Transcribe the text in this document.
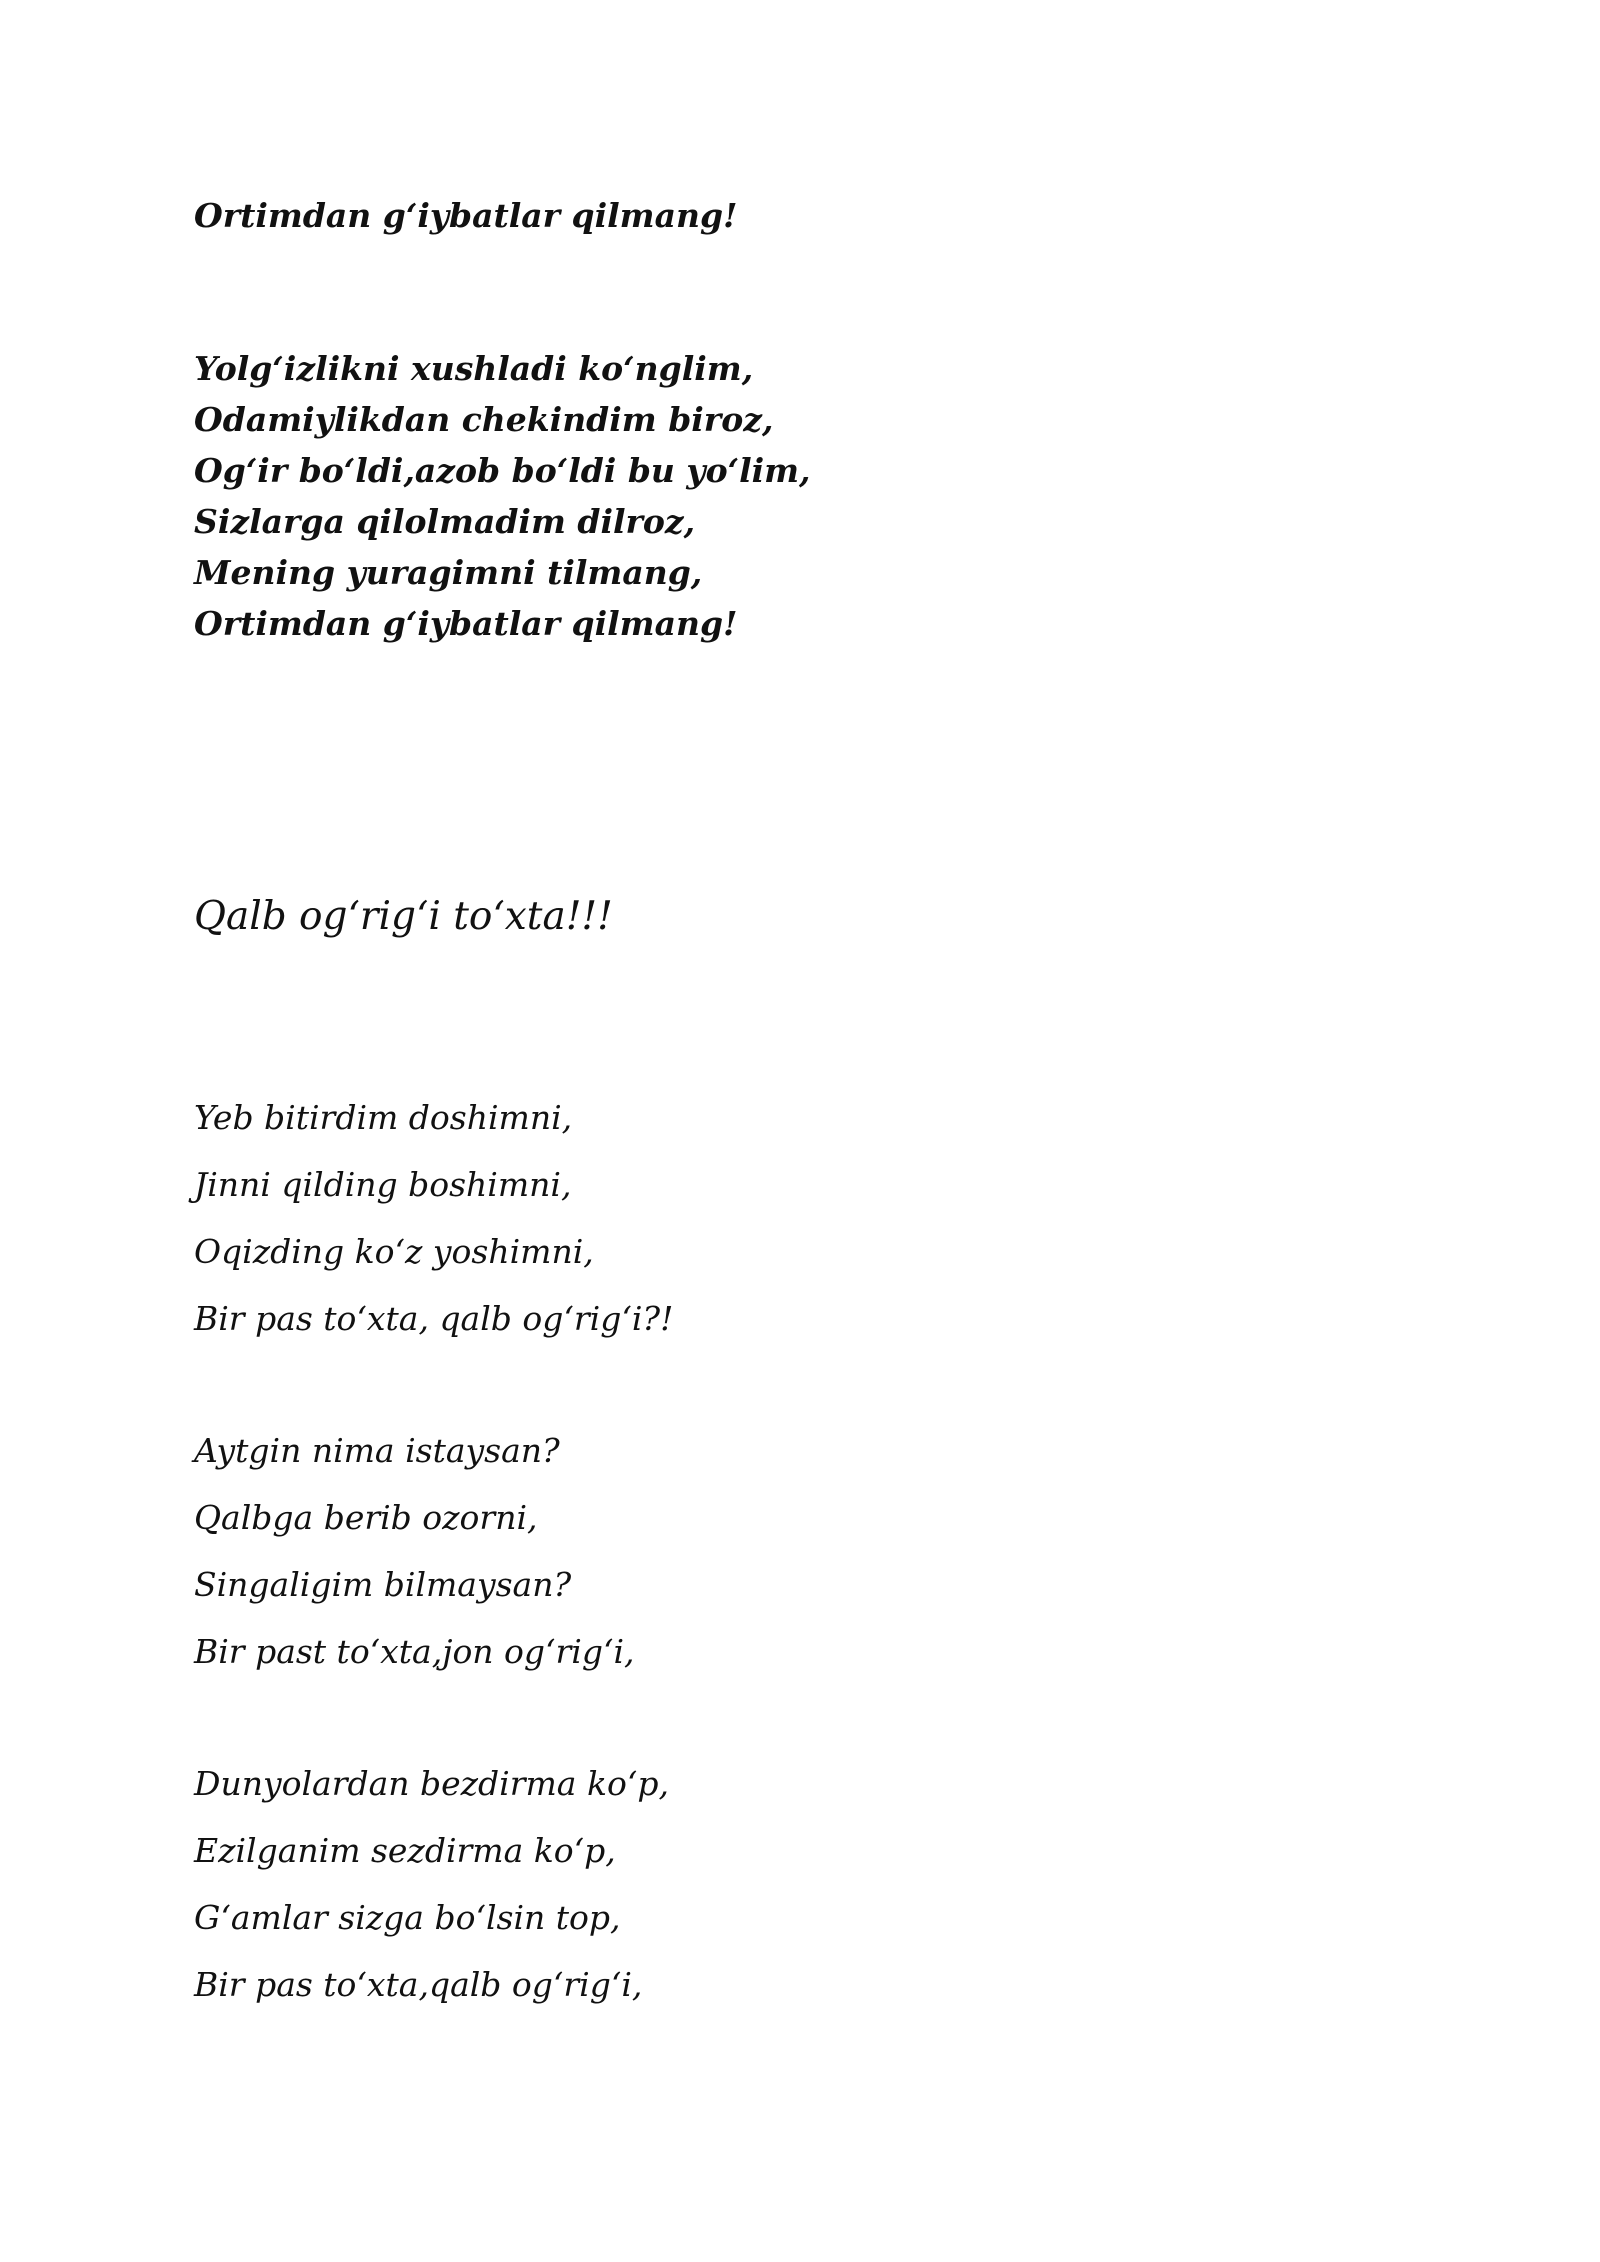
Ortimdan g‘iybatlar qilmang!
Yolg‘izlikni xushladi ko‘nglim,
Odamiylikdan chekindim biroz,
Og‘ir bo‘ldi,azob bo‘ldi bu yo‘lim,
Sizlarga qilolmadim dilroz,
Mening yuragimni tilmang,
Ortimdan g‘iybatlar qilmang!
Qalb og‘rig‘i to‘xta!!!
Yeb bitirdim doshimni,
Jinni qilding boshimni,
Oqizding ko‘z yoshimni,
Bir pas to‘xta, qalb og‘rig‘i?!
Aytgin nima istaysan?
Qalbga berib ozorni,
Singaligim bilmaysan?
Bir past to‘xta,jon og‘rig‘i,
Dunyolardan bezdirma ko‘p,
Ezilganim sezdirma ko‘p,
G‘amlar sizga bo‘lsin top,
Bir pas to‘xta,qalb og‘rig‘i,
